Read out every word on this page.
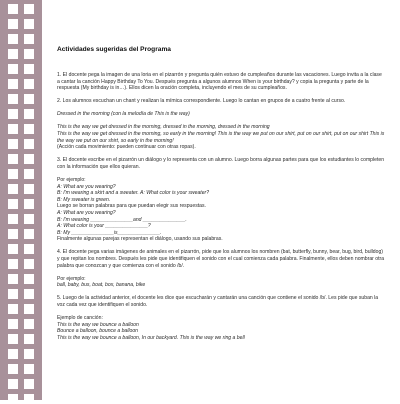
Actividades sugeridas del Programa
1. El docente pega la imagen de una loria en el pizarrón y pregunta quién estuvo de cumpleaños durante las vacaciones. Luego invita a la clase a cantar la canción Happy Birthday To You. Después pregunta a algunos alumnos When is your birthday? y copia la pregunta y parte de la respuesta (My birthday is in…). Ellos dicen la oración completa, incluyendo el mes de su cumpleaños.
2. Los alumnos escuchan un chant y realizan la mímica correspondiente. Luego lo cantan en grupos de a cuatro frente al curso.
Dressed in the morning (con la melodía de This is the way)
This is the way we get dressed in the morning, dressed in the morning, dressed in the morning
This is the way we get dressed in the morning, so early in the morning! This is the way we put on our shirt, put on our shirt, put on our shirt This is the way we put on our shirt, so early in the morning!
(Acción cada movimiento: pueden continuar con otras ropas).
3. El docente escribe en el pizarrón un diálogo y lo representa con un alumno. Luego borra algunas partes para que los estudiantes lo completen con la información que ellos quieran.
Por ejemplo:
A: What are you wearing?
B: I'm wearing a skirt and a sweater. A: What color is your sweater?
B: My sweater is green.
Luego se borran palabras para que puedan elegir sus respuestas.
A: What are you wearing?
B: I'm wearing _______________and _______________.
A: What color is your _______________?
B: My _______________is_______________.
Finalmente algunas parejas representan el diálogo, usando sus palabras.
4. El docente pega varias imágenes de animales en el pizarrón, pide que los alumnos los nombren (bat, butterfly, bunny, bear, bug, bird, bulldog) y que repitan los nombres. Después les pide que identifiquen el sonido con el cual comienza cada palabra. Finalmente, ellos deben nombrar otra palabra que conozcan y que comienza con el sonido /b/.
Por ejemplo:
ball, baby, bus, boat, box, banana, bike
5. Luego de la actividad anterior, el docente les dice que escucharán y cantarán una canción que contiene el sonido /b/. Les pide que suban la voz cada vez que identifiquen el sonido.
Ejemplo de canción:
This is the way we bounce a balloon
Bounce a balloon, bounce a balloon
This is the way we bounce a balloon, In our backyard. This is the way we ring a bell
